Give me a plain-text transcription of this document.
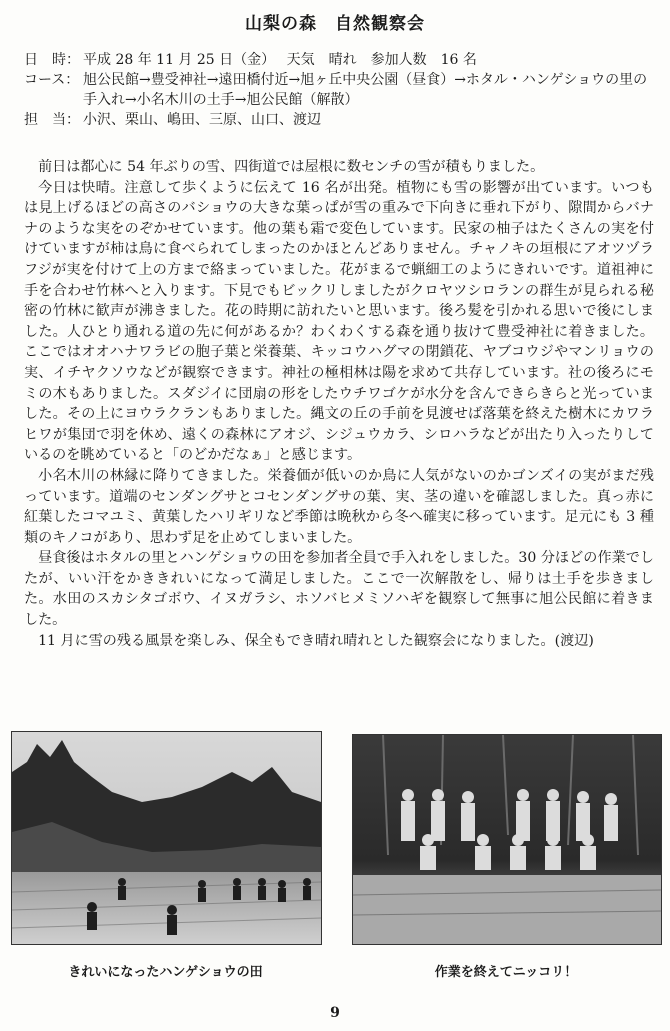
山梨の森　自然観察会
日　時： 平成 28 年 11 月 25 日（金）　 天気　晴れ　参加人数　16 名
コース： 旭公民館→豊受神社→遠田橋付近→旭ヶ丘中央公園（昼食）→ホタル・ハンゲショウの里の手入れ→小名木川の土手→旭公民館（解散）
担　当： 小沢、栗山、嶋田、三原、山口、渡辺

前日は都心に 54 年ぶりの雪、四街道では屋根に数センチの雪が積もりました。

今日は快晴。注意して歩くように伝えて 16 名が出発。植物にも雪の影響が出ています。いつもは見上げるほどの高さのバショウの大きな葉っぱが雪の重みで下向きに垂れ下がり、隙間からバナナのような実をのぞかせています。他の葉も霜で変色しています。民家の柚子はたくさんの実を付けていますが柿は鳥に食べられてしまったのかほとんどありません。チャノキの垣根にアオツヅラフジが実を付けて上の方まで絡まっていました。花がまるで蝋細工のようにきれいです。道祖神に手を合わせ竹林へと入ります。下見でもビックリしましたがクロヤツシロランの群生が見られる秘密の竹林に歓声が沸きました。花の時期に訪れたいと思います。後ろ髪を引かれる思いで後にしました。人ひとり通れる道の先に何があるか？わくわくする森を通り抜けて豊受神社に着きました。ここではオオハナワラビの胞子葉と栄養葉、キッコウハグマの閉鎖花、ヤブコウジやマンリョウの実、イチヤクソウなどが観察できます。神社の極相林は陽を求めて共存しています。社の後ろにモミの木もありました。スダジイに団扇の形をしたウチワゴケが水分を含んできらきらと光っていました。その上にヨウラクランもありました。縄文の丘の手前を見渡せば落葉を終えた樹木にカワラヒワが集団で羽を休め、遠くの森林にアオジ、シジュウカラ、シロハラなどが出たり入ったりしているのを眺めていると「のどかだなぁ」と感じます。

小名木川の林縁に降りてきました。栄養価が低いのか鳥に人気がないのかゴンズイの実がまだ残っています。道端のセンダングサとコセンダングサの葉、実、茎の違いを確認しました。真っ赤に紅葉したコマユミ、黄葉したハリギリなど季節は晩秋から冬へ確実に移っています。足元にも 3 種類のキノコがあり、思わず足を止めてしまいました。

昼食後はホタルの里とハンゲショウの田を参加者全員で手入れをしました。30 分ほどの作業でしたが、いい汗をかききれいになって満足しました。ここで一次解散をし、帰りは土手を歩きました。水田のスカシタゴボウ、イヌガラシ、ホソバヒメミソハギを観察して無事に旭公民館に着きました。

11 月に雪の残る風景を楽しみ、保全もでき晴れ晴れとした観察会になりました。(渡辺)

きれいになったハンゲショウの田	作業を終えてニッコリ！
9
